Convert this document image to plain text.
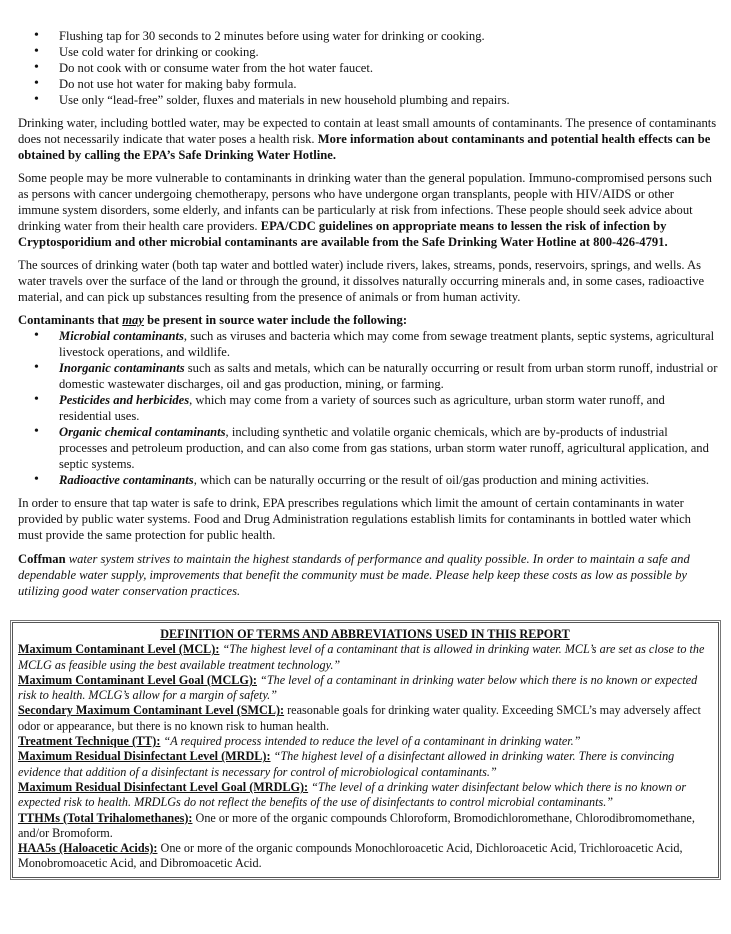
• Flushing tap for 30 seconds to 2 minutes before using water for drinking or cooking.
• Use cold water for drinking or cooking.
• Do not cook with or consume water from the hot water faucet.
• Do not use hot water for making baby formula.
• Use only “lead-free” solder, fluxes and materials in new household plumbing and repairs.

Drinking water, including bottled water, may be expected to contain at least small amounts of contaminants. The presence of contaminants does not necessarily indicate that water poses a health risk. More information about contaminants and potential health effects can be obtained by calling the EPA’s Safe Drinking Water Hotline.

Some people may be more vulnerable to contaminants in drinking water than the general population. Immuno-compromised persons such as persons with cancer undergoing chemotherapy, persons who have undergone organ transplants, people with HIV/AIDS or other immune system disorders, some elderly, and infants can be particularly at risk from infections. These people should seek advice about drinking water from their health care providers. EPA/CDC guidelines on appropriate means to lessen the risk of infection by Cryptosporidium and other microbial contaminants are available from the Safe Drinking Water Hotline at 800-426-4791.

The sources of drinking water (both tap water and bottled water) include rivers, lakes, streams, ponds, reservoirs, springs, and wells. As water travels over the surface of the land or through the ground, it dissolves naturally occurring minerals and, in some cases, radioactive material, and can pick up substances resulting from the presence of animals or from human activity.

Contaminants that may be present in source water include the following:

• Microbial contaminants, such as viruses and bacteria which may come from sewage treatment plants, septic systems, agricultural livestock operations, and wildlife.
• Inorganic contaminants such as salts and metals, which can be naturally occurring or result from urban storm runoff, industrial or domestic wastewater discharges, oil and gas production, mining, or farming.
• Pesticides and herbicides, which may come from a variety of sources such as agriculture, urban storm water runoff, and residential uses.
• Organic chemical contaminants, including synthetic and volatile organic chemicals, which are by-products of industrial processes and petroleum production, and can also come from gas stations, urban storm water runoff, agricultural application, and septic systems.
• Radioactive contaminants, which can be naturally occurring or the result of oil/gas production and mining activities.

In order to ensure that tap water is safe to drink, EPA prescribes regulations which limit the amount of certain contaminants in water provided by public water systems. Food and Drug Administration regulations establish limits for contaminants in bottled water which must provide the same protection for public health.

Coffman water system strives to maintain the highest standards of performance and quality possible. In order to maintain a safe and dependable water supply, improvements that benefit the community must be made. Please help keep these costs as low as possible by utilizing good water conservation practices.

DEFINITION OF TERMS AND ABBREVIATIONS USED IN THIS REPORT
Maximum Contaminant Level (MCL): “The highest level of a contaminant that is allowed in drinking water. MCL’s are set as close to the MCLG as feasible using the best available treatment technology.”
Maximum Contaminant Level Goal (MCLG): “The level of a contaminant in drinking water below which there is no known or expected risk to health. MCLG’s allow for a margin of safety.”
Secondary Maximum Contaminant Level (SMCL): reasonable goals for drinking water quality. Exceeding SMCL’s may adversely affect odor or appearance, but there is no known risk to human health.
Treatment Technique (TT): “A required process intended to reduce the level of a contaminant in drinking water.”
Maximum Residual Disinfectant Level (MRDL): “The highest level of a disinfectant allowed in drinking water. There is convincing evidence that addition of a disinfectant is necessary for control of microbiological contaminants.”
Maximum Residual Disinfectant Level Goal (MRDLG): “The level of a drinking water disinfectant below which there is no known or expected risk to health. MRDLGs do not reflect the benefits of the use of disinfectants to control microbial contaminants.”
TTHMs (Total Trihalomethanes): One or more of the organic compounds Chloroform, Bromodichloromethane, Chlorodibromomethane, and/or Bromoform.
HAA5s (Haloacetic Acids): One or more of the organic compounds Monochloroacetic Acid, Dichloroacetic Acid, Trichloroacetic Acid, Monobromoacetic Acid, and Dibromoacetic Acid.
